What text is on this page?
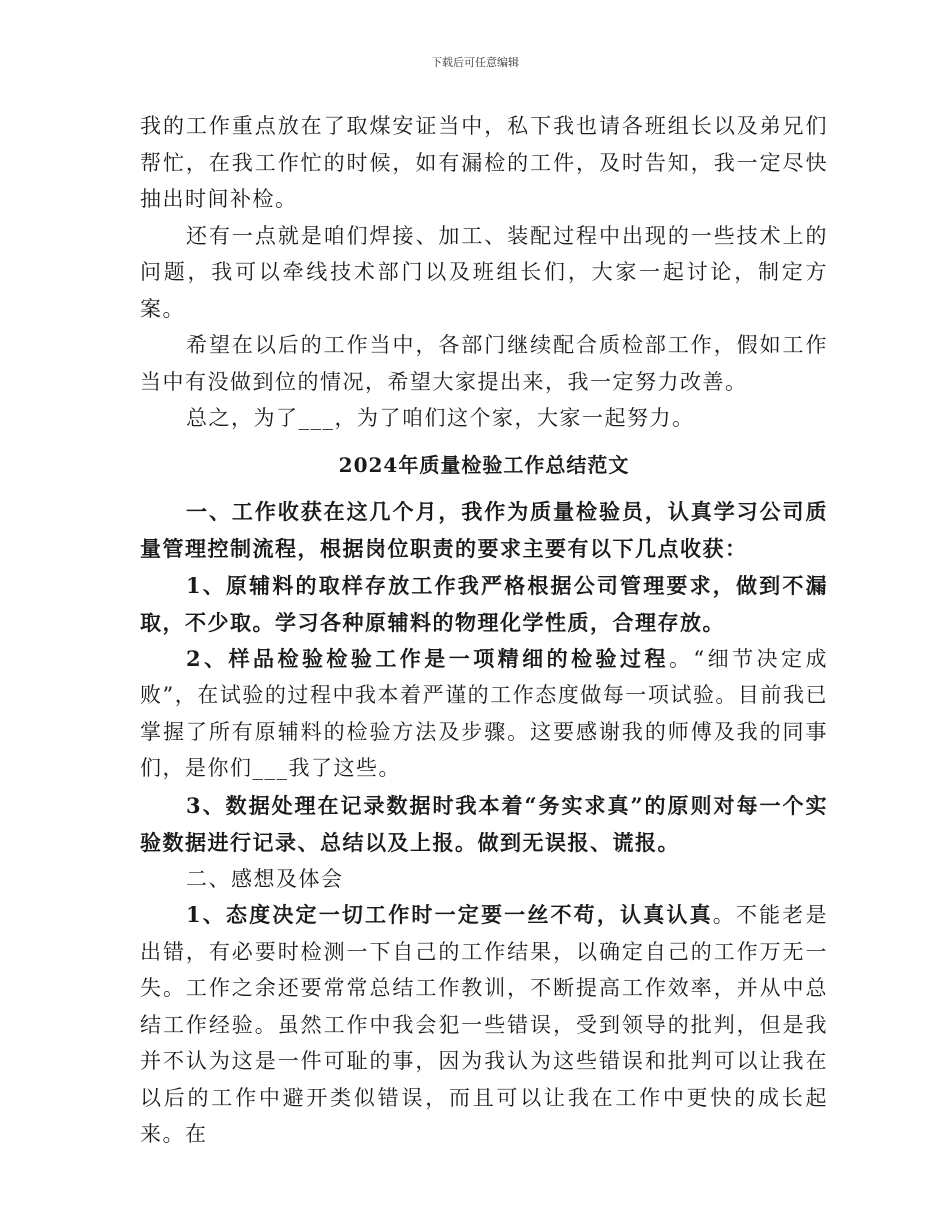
下载后可任意编辑

我的工作重点放在了取煤安证当中，私下我也请各班组长以及弟兄们帮忙，在我工作忙的时候，如有漏检的工件，及时告知，我一定尽快抽出时间补检。

还有一点就是咱们焊接、加工、装配过程中出现的一些技术上的问题，我可以牵线技术部门以及班组长们，大家一起讨论，制定方案。

希望在以后的工作当中，各部门继续配合质检部工作，假如工作当中有没做到位的情况，希望大家提出来，我一定努力改善。

总之，为了___，为了咱们这个家，大家一起努力。

2024年质量检验工作总结范文

一、工作收获在这几个月，我作为质量检验员，认真学习公司质量管理控制流程，根据岗位职责的要求主要有以下几点收获：

1、原辅料的取样存放工作我严格根据公司管理要求，做到不漏取，不少取。学习各种原辅料的物理化学性质，合理存放。

2、样品检验检验工作是一项精细的检验过程。“细节决定成败”，在试验的过程中我本着严谨的工作态度做每一项试验。目前我已掌握了所有原辅料的检验方法及步骤。这要感谢我的师傅及我的同事们，是你们___我了这些。

3、数据处理在记录数据时我本着“务实求真”的原则对每一个实验数据进行记录、总结以及上报。做到无误报、谎报。

二、感想及体会

1、态度决定一切工作时一定要一丝不苟，认真认真。不能老是出错，有必要时检测一下自己的工作结果，以确定自己的工作万无一失。工作之余还要常常总结工作教训，不断提高工作效率，并从中总结工作经验。虽然工作中我会犯一些错误，受到领导的批判，但是我并不认为这是一件可耻的事，因为我认为这些错误和批判可以让我在以后的工作中避开类似错误，而且可以让我在工作中更快的成长起来。在
